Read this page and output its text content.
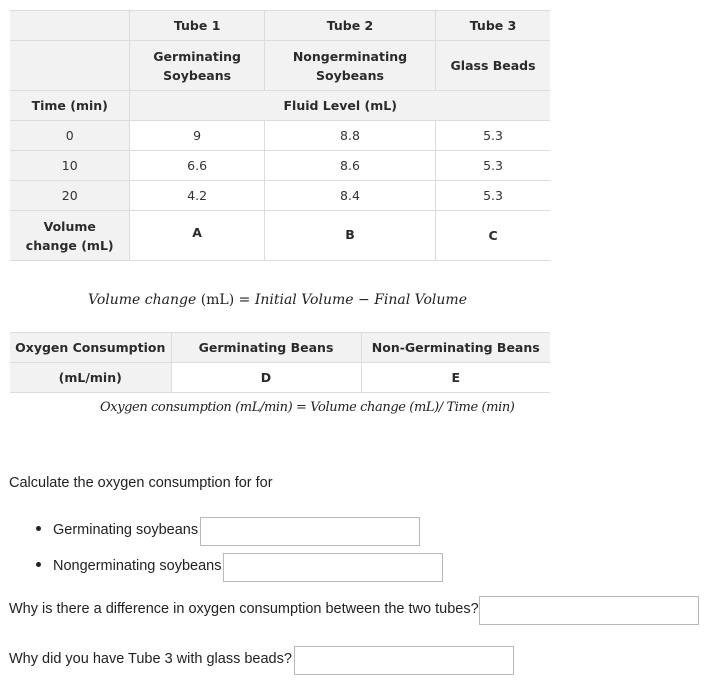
	Tube 1	Tube 2	Tube 3
	Germinating Soybeans	Nongerminating Soybeans	Glass Beads
Time (min)	Fluid Level (mL)		
0	9	8.8	5.3
10	6.6	8.6	5.3
20	4.2	8.4	5.3
Volume change (mL)	A	B	C
Volume change (mL) = Initial Volume − Final Volume
Oxygen Consumption	Germinating Beans	Non-Germinating Beans
(mL/min)	D	E
Oxygen consumption (mL/min) = Volume change (mL)/ Time (min)
Calculate the oxygen consumption for for
Germinating soybeans
Nongerminating soybeans
Why is there a difference in oxygen consumption between the two tubes?
Why did you have Tube 3 with glass beads?
